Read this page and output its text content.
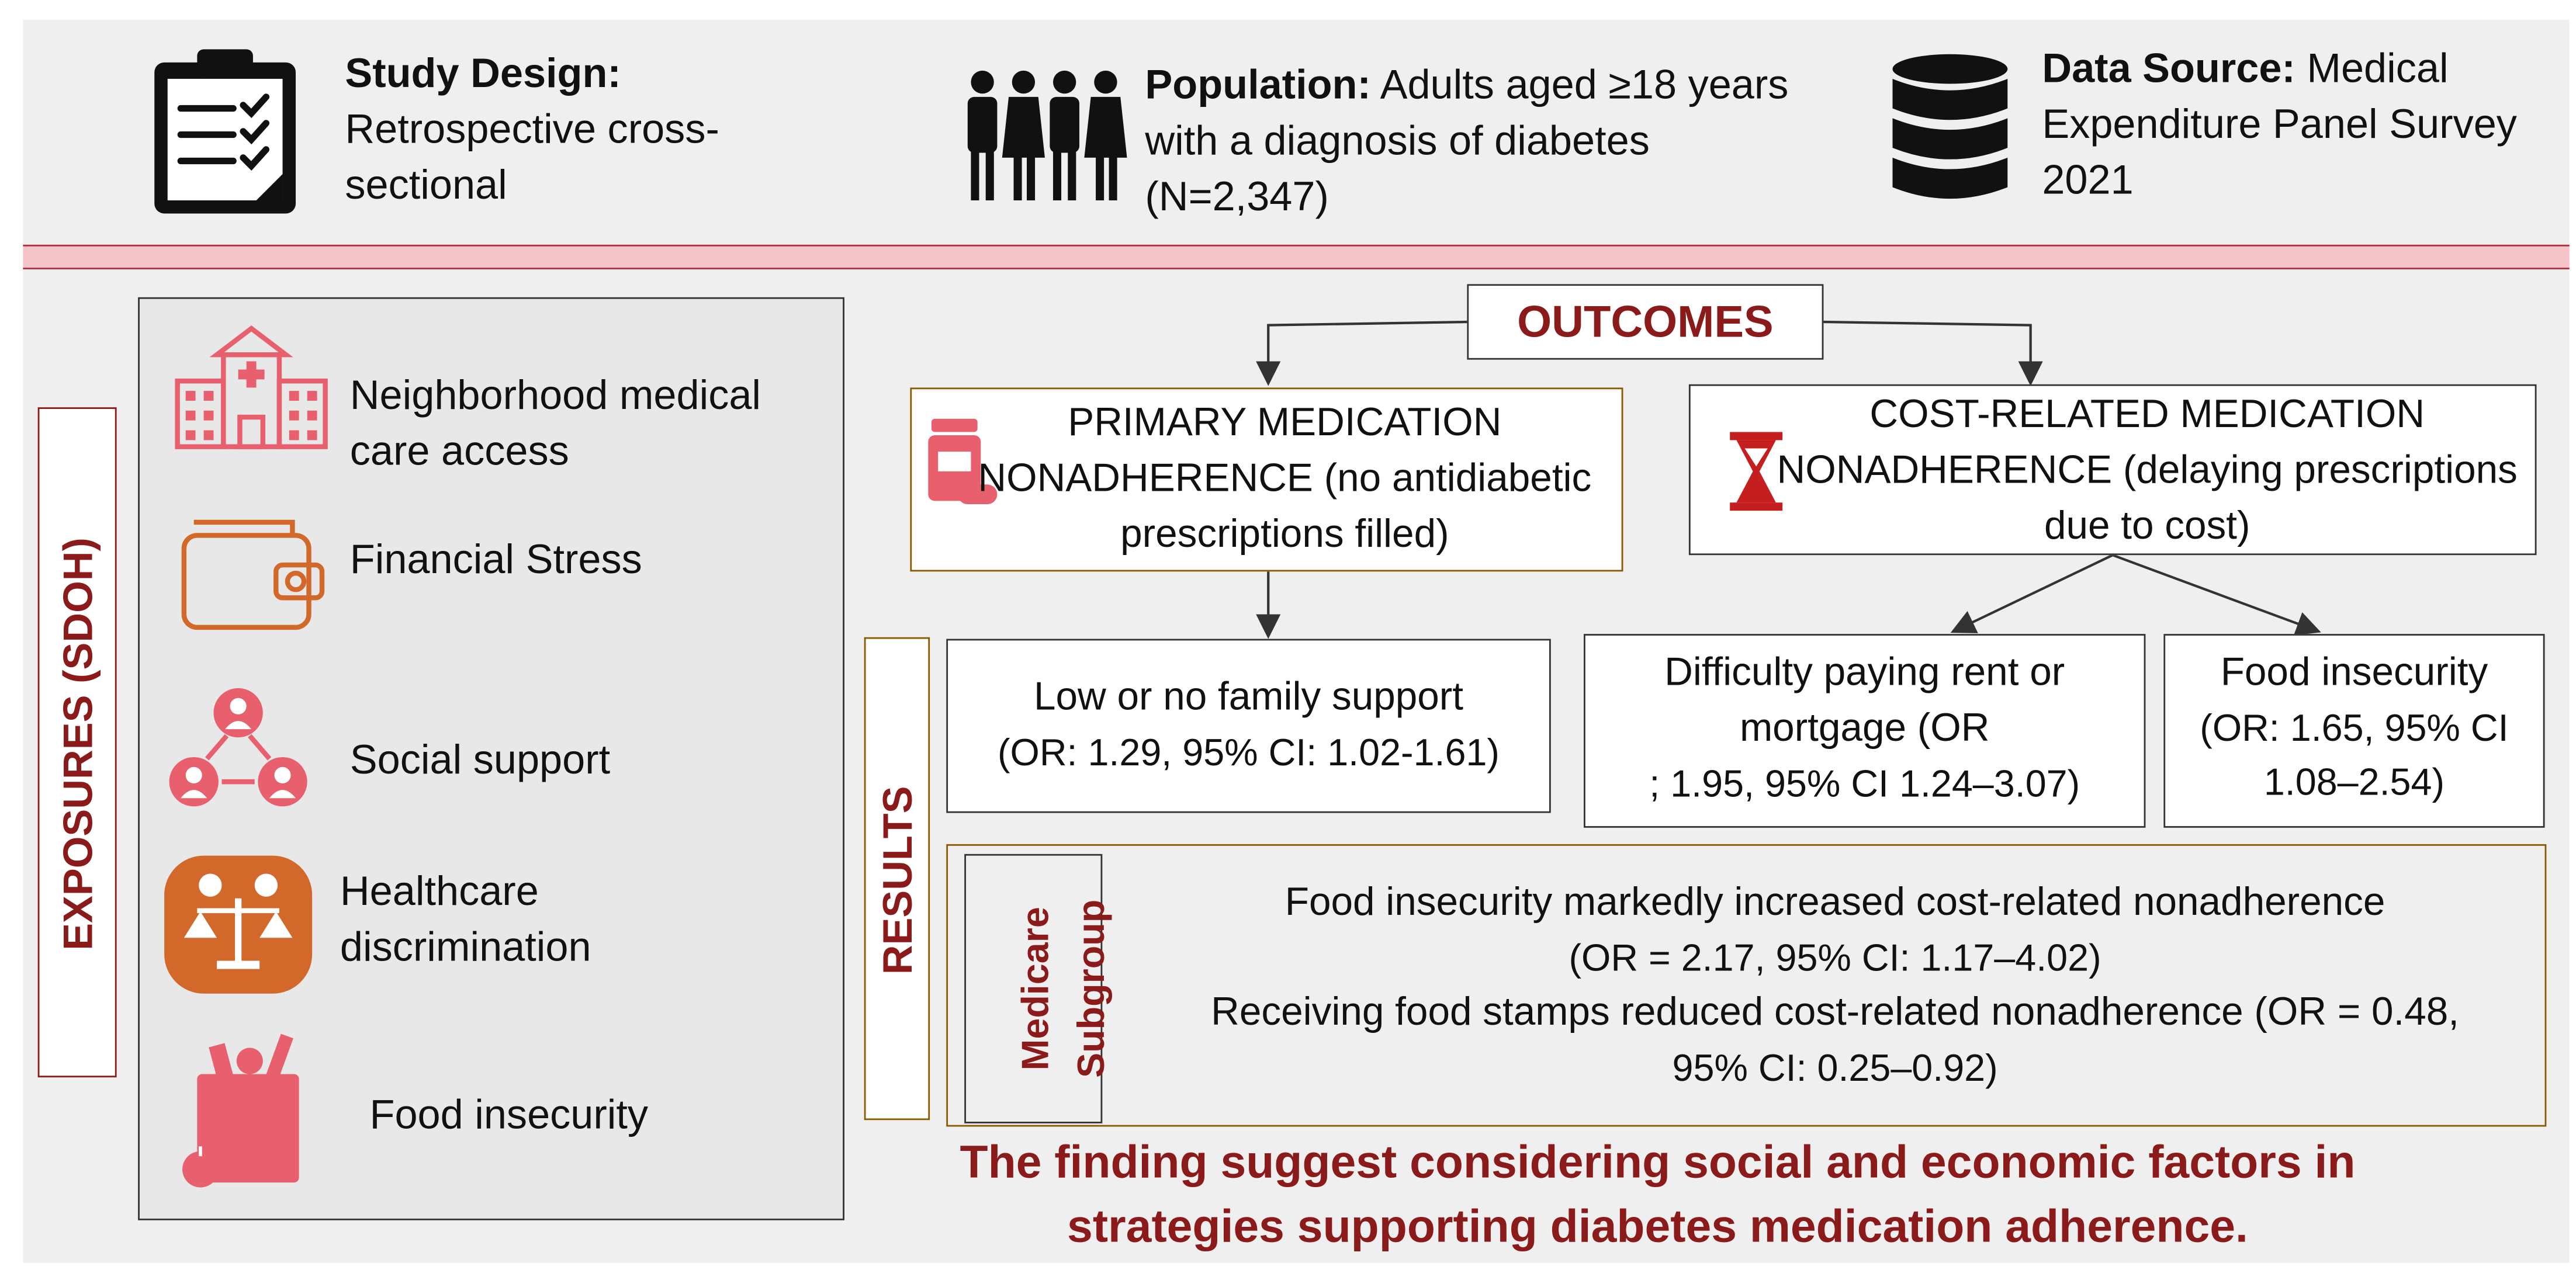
Study Design:
Retrospective cross-sectional
Population: Adults aged ≥18 years with a diagnosis of diabetes (N=2,347)
Data Source: Medical Expenditure Panel Survey 2021
EXPOSURES (SDOH)
Neighborhood medical care access
Financial Stress
Social support
Healthcare discrimination
Food insecurity
OUTCOMES
PRIMARY MEDICATION NONADHERENCE (no antidiabetic prescriptions filled)
COST-RELATED MEDICATION NONADHERENCE (delaying prescriptions due to cost)
RESULTS
Low or no family support
(OR: 1.29, 95% CI: 1.02-1.61)
Difficulty paying rent or mortgage (OR
; 1.95, 95% CI 1.24–3.07)
Food insecurity
(OR: 1.65, 95% CI 1.08–2.54)
Medicare Subgroup	Food insecurity markedly increased cost-related nonadherence
(OR = 2.17, 95% CI: 1.17–4.02)
Receiving food stamps reduced cost-related nonadherence (OR = 0.48,
95% CI: 0.25–0.92)
The finding suggest considering social and economic factors in
strategies supporting diabetes medication adherence.
